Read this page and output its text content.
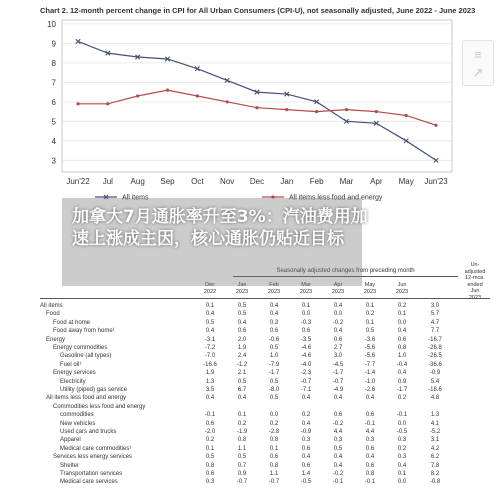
Chart 2. 12-month percent change in CPI for All Urban Consumers (CPI-U), not seasonally adjusted, June 2022 - June 2023
3
4
5
6
7
8
9
10
Jun'22 Jul Aug Sep Oct Nov Dec Jan Feb Mar Apr May Jun'23
All items	All items less food and energy
≡
↗
Seasonally adjusted changes from preceding month
Un-
adjusted
12-mos.
ended
Jun
Dec
2022
Jan
2023
Feb
2023
Mar
2023
Apr
2023
May
2023
Jun
2023
All items	0.1	0.5	0.4	0.1	0.4	0.1	0.2	3.0
Food	0.4	0.5	0.4	0.0	0.0	0.2	0.1	5.7
Food at home	0.5	0.4	0.3	-0.3	-0.2	0.1	0.0	4.7
Food away from home¹	0.4	0.6	0.6	0.6	0.4	0.5	0.4	7.7
Energy	-3.1	2.0	-0.6	-3.5	0.6	-3.6	0.6	-16.7
Energy commodities	-7.2	1.9	0.5	-4.6	2.7	-5.6	0.8	-26.8
Gasoline (all types)	-7.0	2.4	1.0	-4.6	3.0	-5.6	1.0	-26.5
Fuel oil¹	-16.6	-1.2	-7.9	-4.0	-4.5	-7.7	-0.4	-36.6
Energy services	1.9	2.1	-1.7	-2.3	-1.7	-1.4	0.4	-0.9
Electricity	1.3	0.5	0.5	-0.7	-0.7	-1.0	0.9	5.4
Utility (piped) gas service	3.5	6.7	-8.0	-7.1	-4.9	-2.6	-1.7	-18.6
All items less food and energy	0.4	0.4	0.5	0.4	0.4	0.4	0.2	4.8
Commodities less food and energy
commodities	-0.1	0.1	0.0	0.2	0.6	0.6	-0.1	1.3
New vehicles	0.6	0.2	0.2	0.4	-0.2	-0.1	0.0	4.1
Used cars and trucks	-2.0	-1.9	-2.8	-0.9	4.4	4.4	-0.5	-5.2
Apparel	0.2	0.8	0.8	0.3	0.3	0.3	0.3	3.1
Medical care commodities¹	0.1	1.1	0.1	0.6	0.5	0.6	0.2	4.2
Services less energy services	0.5	0.5	0.6	0.4	0.4	0.4	0.3	6.2
Shelter	0.8	0.7	0.8	0.6	0.4	0.6	0.4	7.8
Transportation services	0.6	0.9	1.1	1.4	-0.2	0.8	0.1	8.2
Medical care services	0.3	-0.7	-0.7	-0.5	-0.1	-0.1	0.0	-0.8
加拿大7月通胀率升至3%：汽油费用加速上涨成主因，核心通胀仍贴近目标
